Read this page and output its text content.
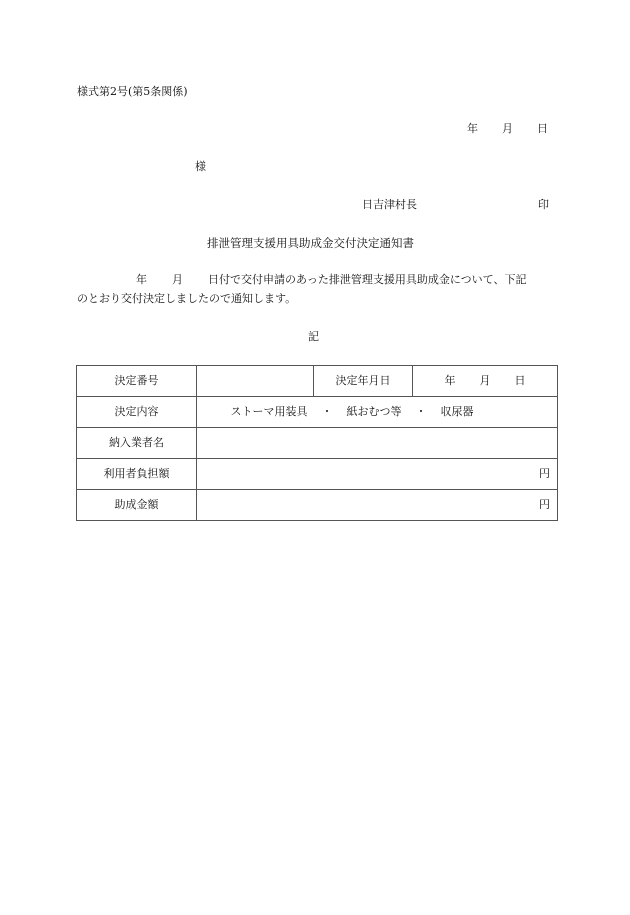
様式第2号(第5条関係)
年 月 日
様
日吉津村長	印
排泄管理支援用具助成金交付決定通知書
年 月 日付で交付申請のあった排泄管理支援用具助成金について、下記
のとおり交付決定しましたので通知します。
記
決定番号		決定年月日	年 月 日
決定内容	ストーマ用装具 ・ 紙おむつ等 ・ 収尿器		
納入業者名			
利用者負担額	円		
助成金額	円		
